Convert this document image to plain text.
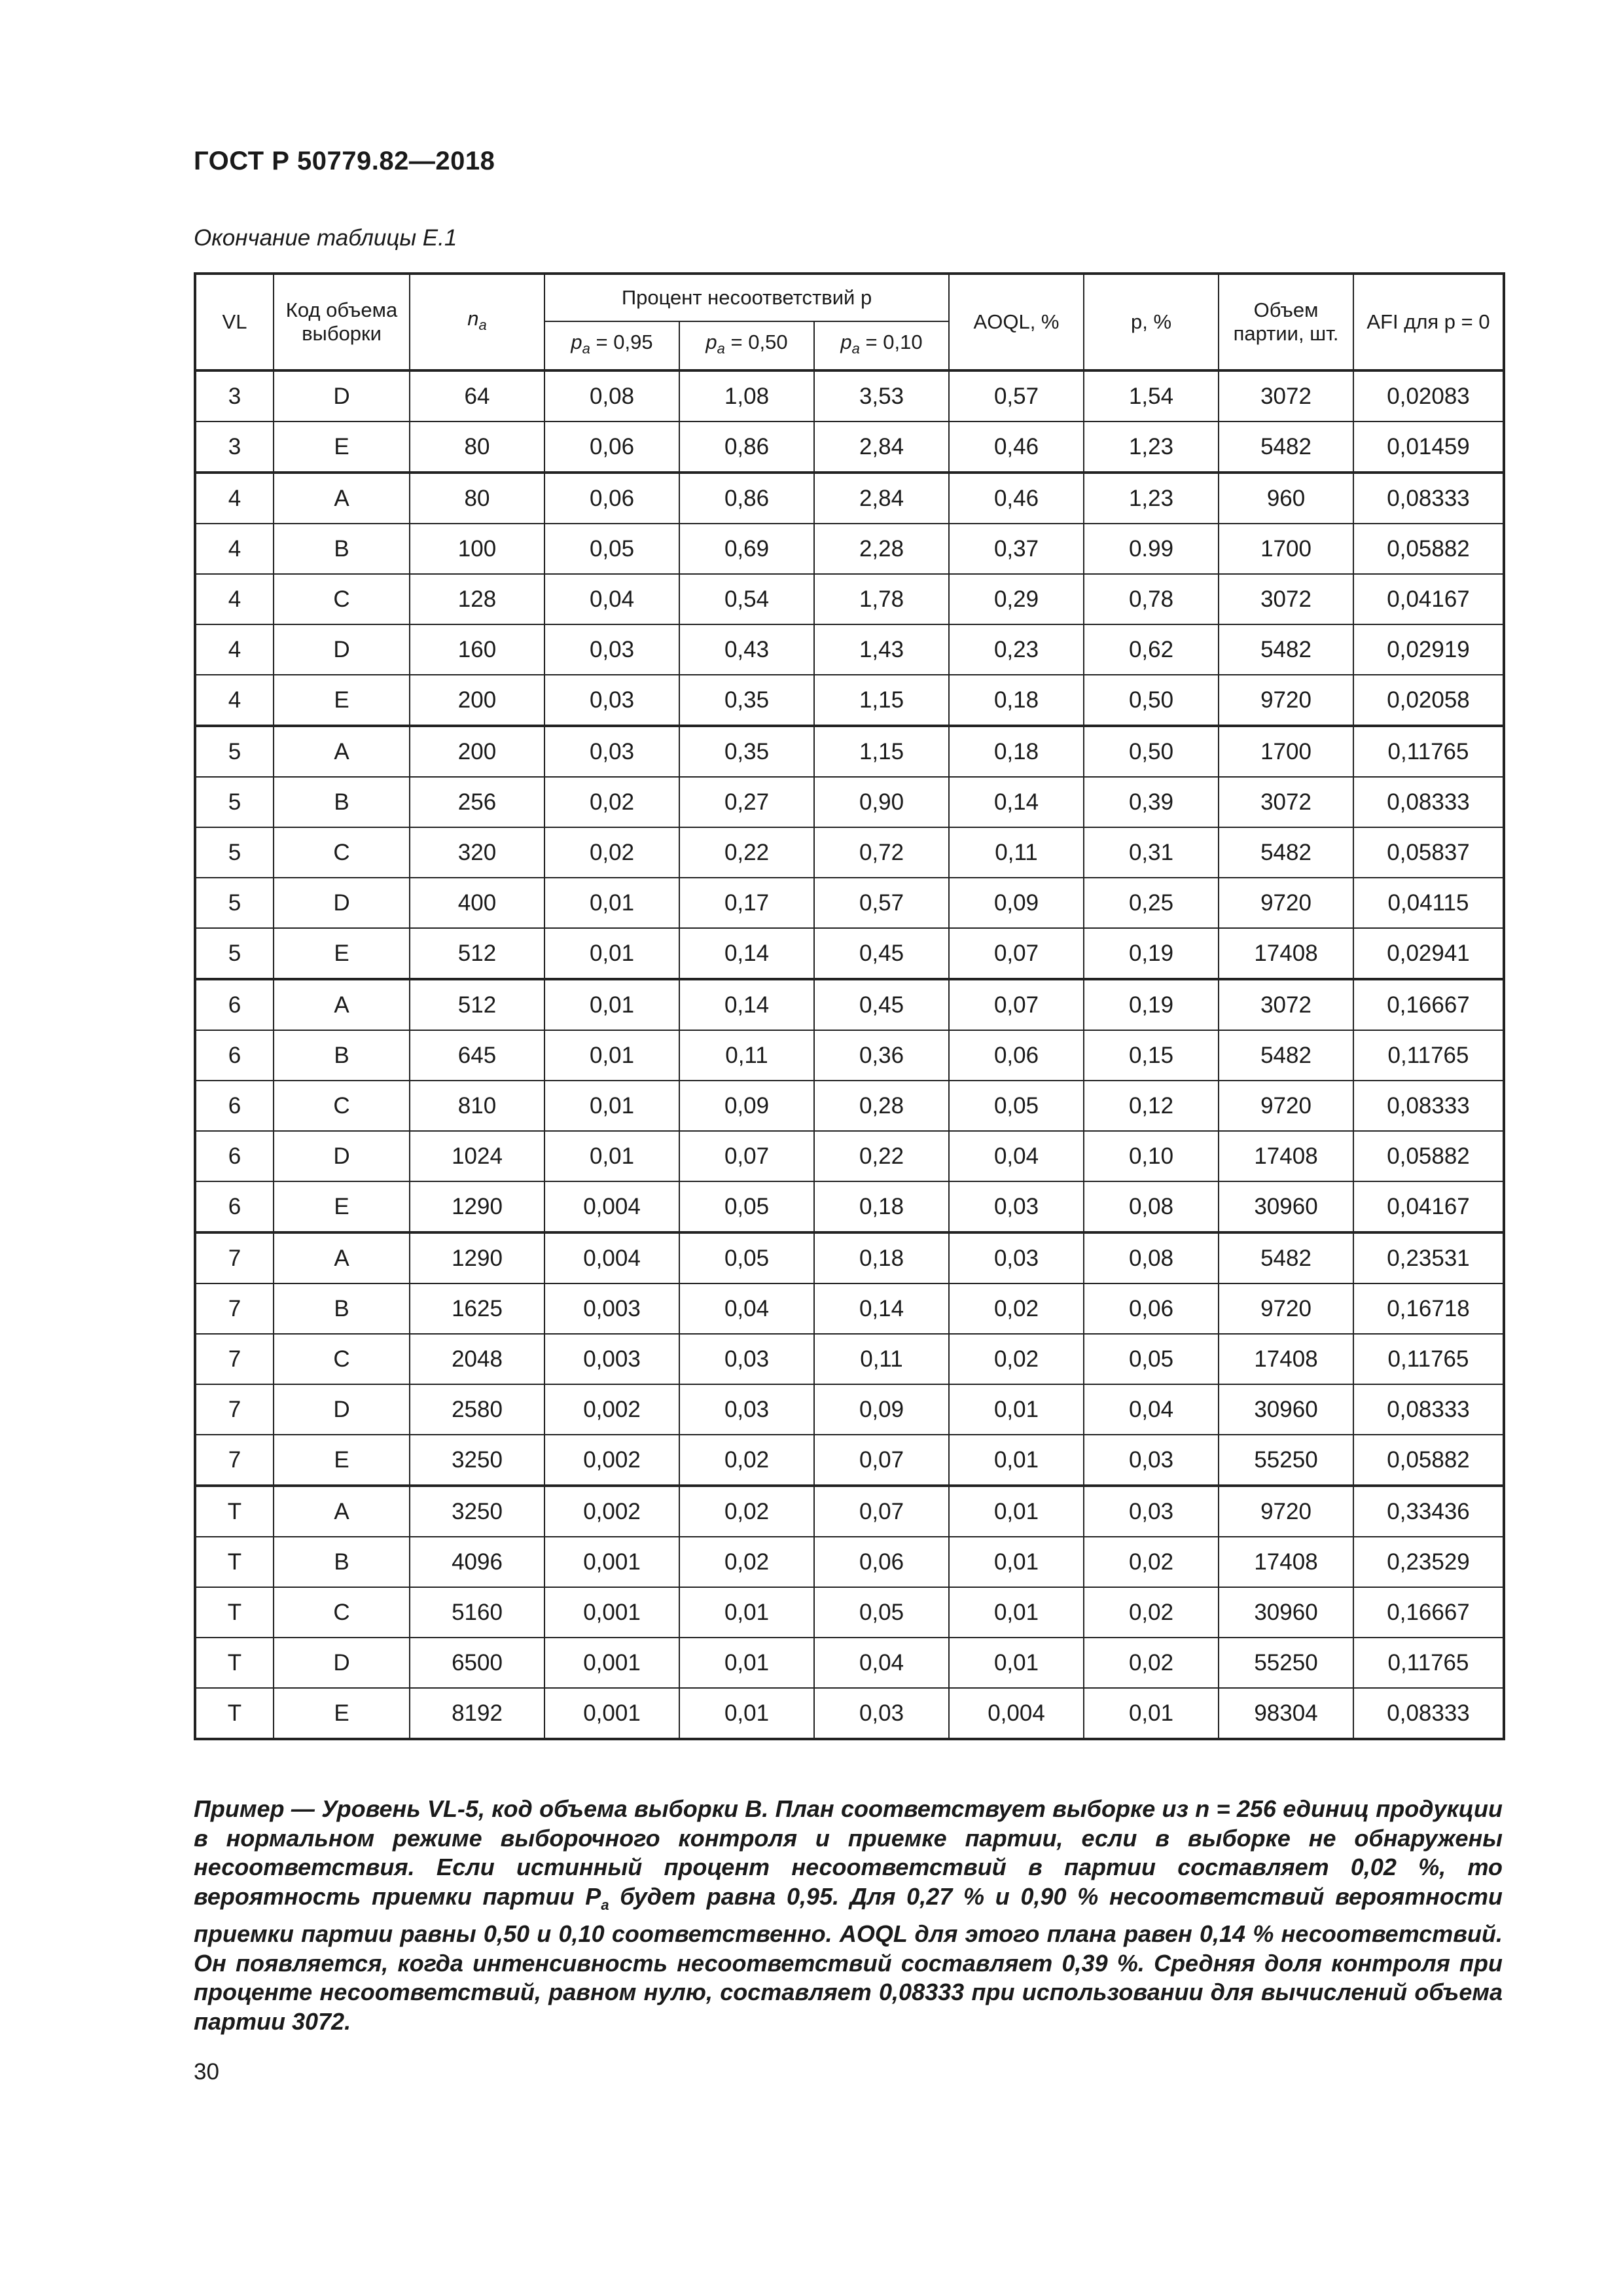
ГОСТ Р 50779.82—2018
Окончание таблицы Е.1
VL	Код объема выборки	$n_a$	Процент несоответствий p			AOQL, %	p, %	Объем партии, шт.	AFI для p = 0
			$p_a = 0,95$	$p_a = 0,50$	$p_a = 0,10$				
3	D	64	0,08	1,08	3,53	0,57	1,54	3072	0,02083
3	E	80	0,06	0,86	2,84	0,46	1,23	5482	0,01459
4	A	80	0,06	0,86	2,84	0,46	1,23	960	0,08333
4	B	100	0,05	0,69	2,28	0,37	0.99	1700	0,05882
4	C	128	0,04	0,54	1,78	0,29	0,78	3072	0,04167
4	D	160	0,03	0,43	1,43	0,23	0,62	5482	0,02919
4	E	200	0,03	0,35	1,15	0,18	0,50	9720	0,02058
5	A	200	0,03	0,35	1,15	0,18	0,50	1700	0,11765
5	B	256	0,02	0,27	0,90	0,14	0,39	3072	0,08333
5	C	320	0,02	0,22	0,72	0,11	0,31	5482	0,05837
5	D	400	0,01	0,17	0,57	0,09	0,25	9720	0,04115
5	E	512	0,01	0,14	0,45	0,07	0,19	17408	0,02941
6	A	512	0,01	0,14	0,45	0,07	0,19	3072	0,16667
6	B	645	0,01	0,11	0,36	0,06	0,15	5482	0,11765
6	C	810	0,01	0,09	0,28	0,05	0,12	9720	0,08333
6	D	1024	0,01	0,07	0,22	0,04	0,10	17408	0,05882
6	E	1290	0,004	0,05	0,18	0,03	0,08	30960	0,04167
7	A	1290	0,004	0,05	0,18	0,03	0,08	5482	0,23531
7	B	1625	0,003	0,04	0,14	0,02	0,06	9720	0,16718
7	C	2048	0,003	0,03	0,11	0,02	0,05	17408	0,11765
7	D	2580	0,002	0,03	0,09	0,01	0,04	30960	0,08333
7	E	3250	0,002	0,02	0,07	0,01	0,03	55250	0,05882
T	A	3250	0,002	0,02	0,07	0,01	0,03	9720	0,33436
T	B	4096	0,001	0,02	0,06	0,01	0,02	17408	0,23529
T	C	5160	0,001	0,01	0,05	0,01	0,02	30960	0,16667
T	D	6500	0,001	0,01	0,04	0,01	0,02	55250	0,11765
T	E	8192	0,001	0,01	0,03	0,004	0,01	98304	0,08333
Пример — Уровень VL-5, код объема выборки B. План соответствует выборке из n = 256 единиц продукции в нормальном режиме выборочного контроля и приемке партии, если в выборке не обнаружены несоответствия. Если истинный процент несоответствий в партии составляет 0,02 %, то вероятность приемки партии $P_a$ будет равна 0,95. Для 0,27 % и 0,90 % несоответствий вероятности приемки партии равны 0,50 и 0,10 соответственно. AOQL для этого плана равен 0,14 % несоответствий. Он появляется, когда интенсивность несоответствий составляет 0,39 %. Средняя доля контроля при проценте несоответствий, равном нулю, составляет 0,08333 при использовании для вычислений объема партии 3072.
30
